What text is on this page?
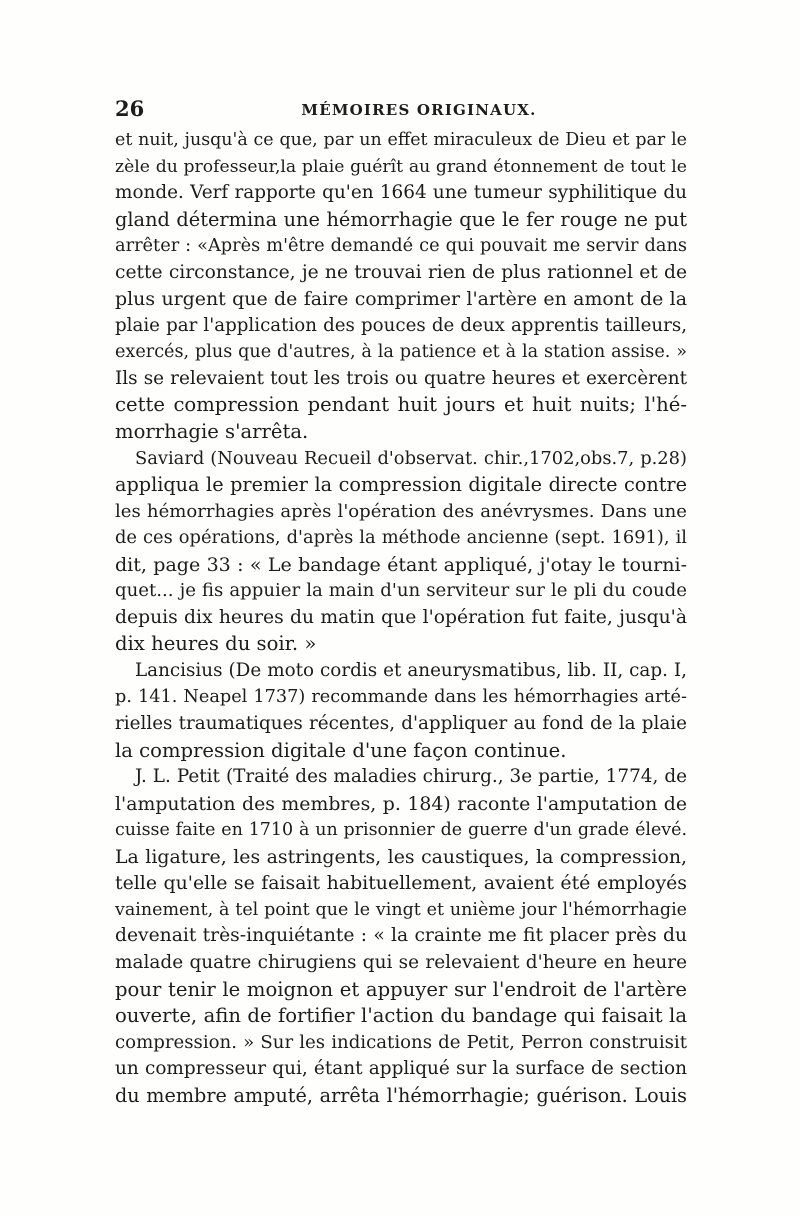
26	MÉMOIRES ORIGINAUX.
et nuit, jusqu'à ce que, par un effet miraculeux de Dieu et par le
zèle du professeur,la plaie guérît au grand étonnement de tout le
monde. Verf rapporte qu'en 1664 une tumeur syphilitique du
gland détermina une hémorrhagie que le fer rouge ne put
arrêter : «Après m'être demandé ce qui pouvait me servir dans
cette circonstance, je ne trouvai rien de plus rationnel et de
plus urgent que de faire comprimer l'artère en amont de la
plaie par l'application des pouces de deux apprentis tailleurs,
exercés, plus que d'autres, à la patience et à la station assise. »
Ils se relevaient tout les trois ou quatre heures et exercèrent
cette compression pendant huit jours et huit nuits; l'hé-
morrhagie s'arrêta.
Saviard (Nouveau Recueil d'observat. chir.,1702,obs.7, p.28)
appliqua le premier la compression digitale directe contre
les hémorrhagies après l'opération des anévrysmes. Dans une
de ces opérations, d'après la méthode ancienne (sept. 1691), il
dit, page 33 : « Le bandage étant appliqué, j'otay le tourni-
quet... je fis appuier la main d'un serviteur sur le pli du coude
depuis dix heures du matin que l'opération fut faite, jusqu'à
dix heures du soir. »
Lancisius (De moto cordis et aneurysmatibus, lib. II, cap. I,
p. 141. Neapel 1737) recommande dans les hémorrhagies arté-
rielles traumatiques récentes, d'appliquer au fond de la plaie
la compression digitale d'une façon continue.
J. L. Petit (Traité des maladies chirurg., 3e partie, 1774, de
l'amputation des membres, p. 184) raconte l'amputation de
cuisse faite en 1710 à un prisonnier de guerre d'un grade élevé.
La ligature, les astringents, les caustiques, la compression,
telle qu'elle se faisait habituellement, avaient été employés
vainement, à tel point que le vingt et unième jour l'hémorrhagie
devenait très-inquiétante : « la crainte me fit placer près du
malade quatre chirugiens qui se relevaient d'heure en heure
pour tenir le moignon et appuyer sur l'endroit de l'artère
ouverte, afin de fortifier l'action du bandage qui faisait la
compression. » Sur les indications de Petit, Perron construisit
un compresseur qui, étant appliqué sur la surface de section
du membre amputé, arrêta l'hémorrhagie; guérison. Louis
